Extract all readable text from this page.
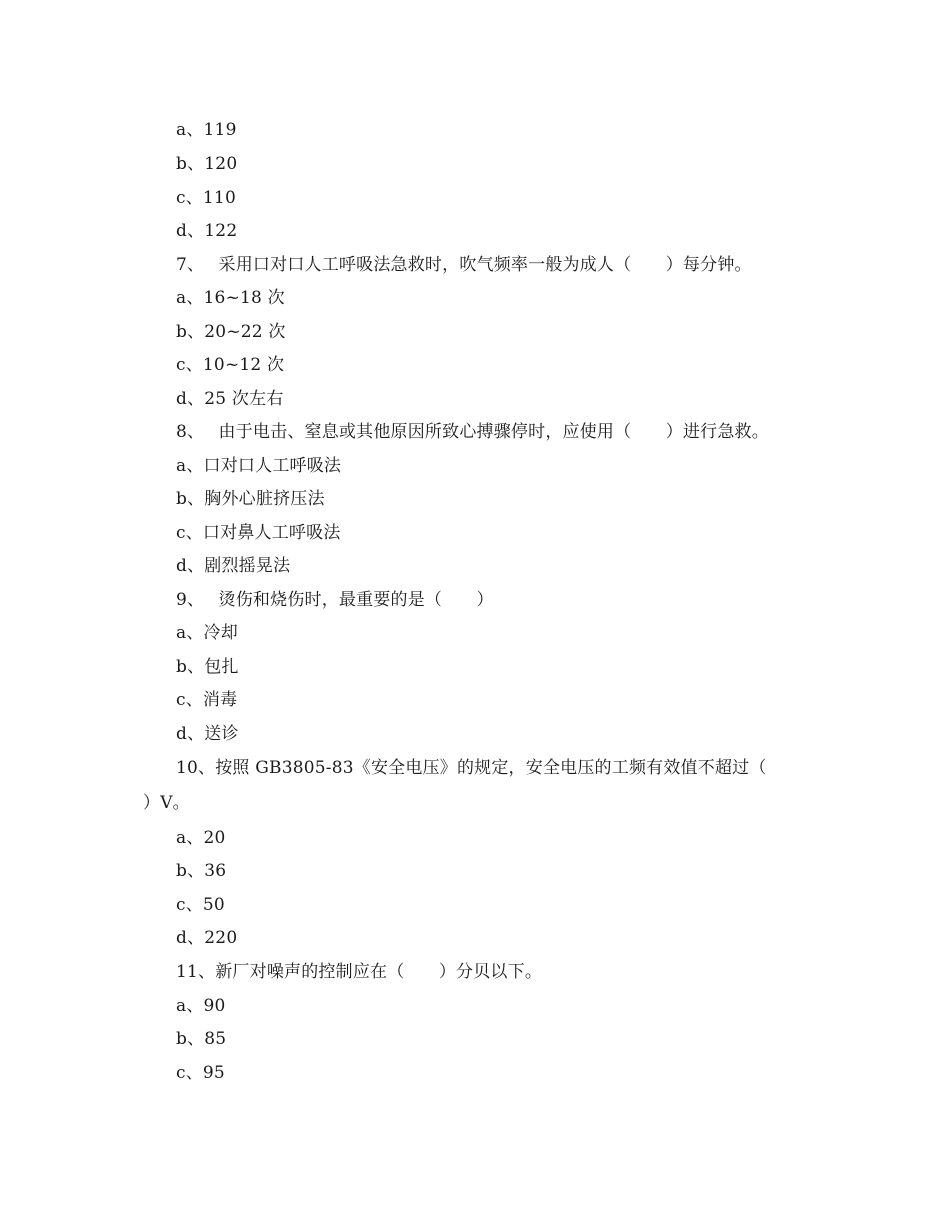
a、119
b、120
c、110
d、122
7、　 采用口对口人工呼吸法急救时，吹气频率一般为成人（　　）每分钟。
a、16~18 次
b、20~22 次
c、10~12 次
d、25 次左右
8、　 由于电击、窒息或其他原因所致心搏骤停时，应使用（　　）进行急救。
a、口对口人工呼吸法
b、胸外心脏挤压法
c、口对鼻人工呼吸法
d、剧烈摇晃法
9、　 烫伤和烧伤时，最重要的是（　　）
a、冷却
b、包扎
c、消毒
d、送诊
10、按照 GB3805-83《安全电压》的规定，安全电压的工频有效值不超过（
）V。
a、20
b、36
c、50
d、220
11、新厂对噪声的控制应在（　　）分贝以下。
a、90
b、85
c、95
